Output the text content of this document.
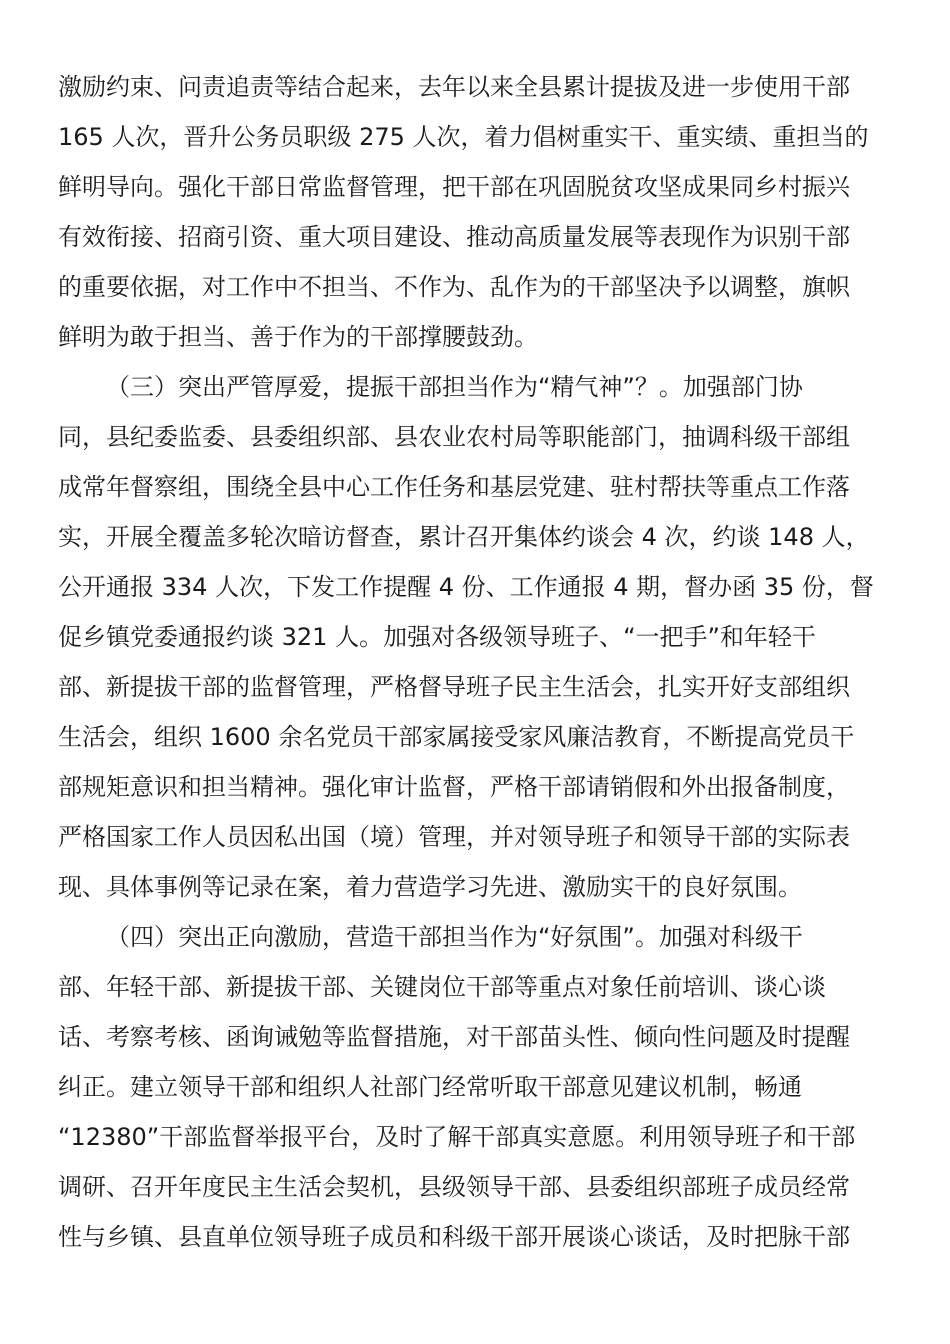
激励约束、问责追责等结合起来，去年以来全县累计提拔及进一步使用干部

165 人次，晋升公务员职级 275 人次，着力倡树重实干、重实绩、重担当的

鲜明导向。强化干部日常监督管理，把干部在巩固脱贫攻坚成果同乡村振兴

有效衔接、招商引资、重大项目建设、推动高质量发展等表现作为识别干部

的重要依据，对工作中不担当、不作为、乱作为的干部坚决予以调整，旗帜

鲜明为敢于担当、善于作为的干部撑腰鼓劲。

（三）突出严管厚爱，提振干部担当作为“精气神”？。加强部门协

同，县纪委监委、县委组织部、县农业农村局等职能部门，抽调科级干部组

成常年督察组，围绕全县中心工作任务和基层党建、驻村帮扶等重点工作落

实，开展全覆盖多轮次暗访督查，累计召开集体约谈会 4 次，约谈 148 人，

公开通报 334 人次，下发工作提醒 4 份、工作通报 4 期，督办函 35 份，督

促乡镇党委通报约谈 321 人。加强对各级领导班子、“一把手”和年轻干

部、新提拔干部的监督管理，严格督导班子民主生活会，扎实开好支部组织

生活会，组织 1600 余名党员干部家属接受家风廉洁教育，不断提高党员干

部规矩意识和担当精神。强化审计监督，严格干部请销假和外出报备制度，

严格国家工作人员因私出国（境）管理，并对领导班子和领导干部的实际表

现、具体事例等记录在案，着力营造学习先进、激励实干的良好氛围。

（四）突出正向激励，营造干部担当作为“好氛围”。加强对科级干

部、年轻干部、新提拔干部、关键岗位干部等重点对象任前培训、谈心谈

话、考察考核、函询诫勉等监督措施，对干部苗头性、倾向性问题及时提醒

纠正。建立领导干部和组织人社部门经常听取干部意见建议机制，畅通

“12380”干部监督举报平台，及时了解干部真实意愿。利用领导班子和干部

调研、召开年度民主生活会契机，县级领导干部、县委组织部班子成员经常

性与乡镇、县直单位领导班子成员和科级干部开展谈心谈话，及时把脉干部
